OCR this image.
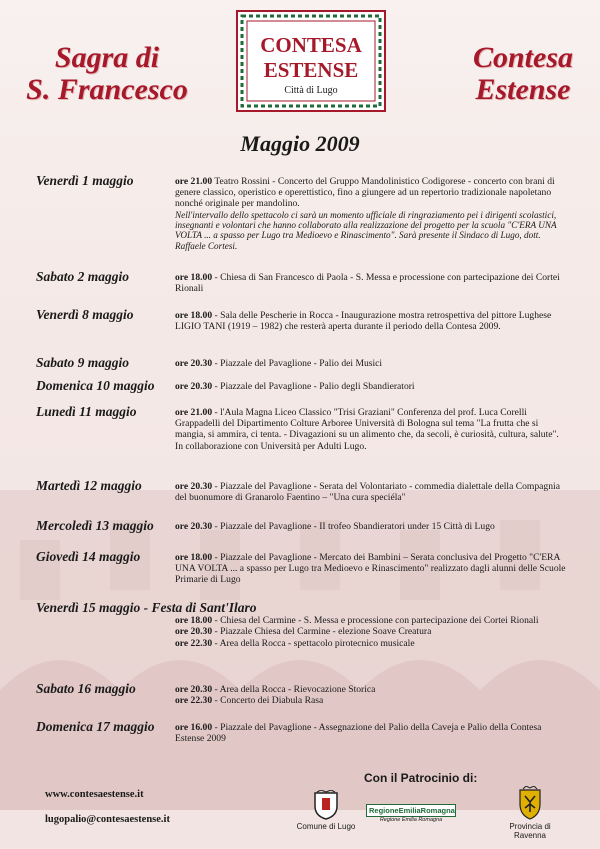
Sagra di
S. Francesco
CONTESA
ESTENSE
Città di Lugo
Contesa
Estense
Maggio 2009
Venerdì 1 maggio	ore 21.00 Teatro Rossini - Concerto del Gruppo Mandolinistico Codigorese - concerto con brani di genere classico, operistico e operettistico, fino a giungere ad un repertorio tradizionale napoletano nonché originale per mandolino.
Nell'intervallo dello spettacolo ci sarà un momento ufficiale di ringraziamento pei i dirigenti scolastici, insegnanti e volontari che hanno collaborato alla realizzazione del progetto per la scuola "C'ERA UNA VOLTA ... a spasso per Lugo tra Medioevo e Rinascimento". Sarà presente il Sindaco di Lugo, dott. Raffaele Cortesi.
Sabato 2 maggio	ore 18.00 - Chiesa di San Francesco di Paola - S. Messa e processione con partecipazione dei Cortei Rionali
Venerdì 8 maggio	ore 18.00 - Sala delle Pescherie in Rocca - Inaugurazione mostra retrospettiva del pittore Lughese LIGIO TANI (1919 – 1982) che resterà aperta durante il periodo della Contesa 2009.
Sabato 9 maggio	ore 20.30 - Piazzale del Pavaglione - Palio dei Musici
Domenica 10 maggio ore 20.30 - Piazzale del Pavaglione - Palio degli Sbandieratori
Lunedì 11 maggio	ore 21.00 - l'Aula Magna Liceo Classico "Trisi Graziani" Conferenza del prof. Luca Corelli Grappadelli del Dipartimento Colture Arboree Università di Bologna sul tema "La frutta che si mangia, si ammira, ci tenta. - Divagazioni su un alimento che, da secoli, è curiosità, cultura, salute". In collaborazione con Università per Adulti Lugo.
Martedì 12 maggio	ore 20.30 - Piazzale del Pavaglione - Serata del Volontariato - commedia dialettale della Compagnia del buonumore di Granarolo Faentino – "Una cura speciéla"
Mercoledì 13 maggio ore 20.30 - Piazzale del Pavaglione - II trofeo Sbandieratori under 15 Città di Lugo
Giovedì 14 maggio	ore 18.00 - Piazzale del Pavaglione - Mercato dei Bambini – Serata conclusiva del Progetto "C'ERA UNA VOLTA ... a spasso per Lugo tra Medioevo e Rinascimento" realizzato dagli alunni delle Scuole Primarie di Lugo
Venerdì 15 maggio - Festa di Sant'Ilaro
ore 18.00 - Chiesa del Carmine - S. Messa e processione con partecipazione dei Cortei Rionali
ore 20.30 - Piazzale Chiesa del Carmine - elezione Soave Creatura
ore 22.30 - Area della Rocca - spettacolo pirotecnico musicale
Sabato 16 maggio	ore 20.30 - Area della Rocca - Rievocazione Storica
ore 22.30 - Concerto dei Diabula Rasa
Domenica 17 maggio ore 16.00 - Piazzale del Pavaglione - Assegnazione del Palio della Caveja e Palio della Contesa Estense 2009
www.contesaestense.it
lugopalio@contesaestense.it
Con il Patrocinio di:
Comune di Lugo
RegioneEmiliaRomagna
Regione Emilia Romagna
Provincia di Ravenna
